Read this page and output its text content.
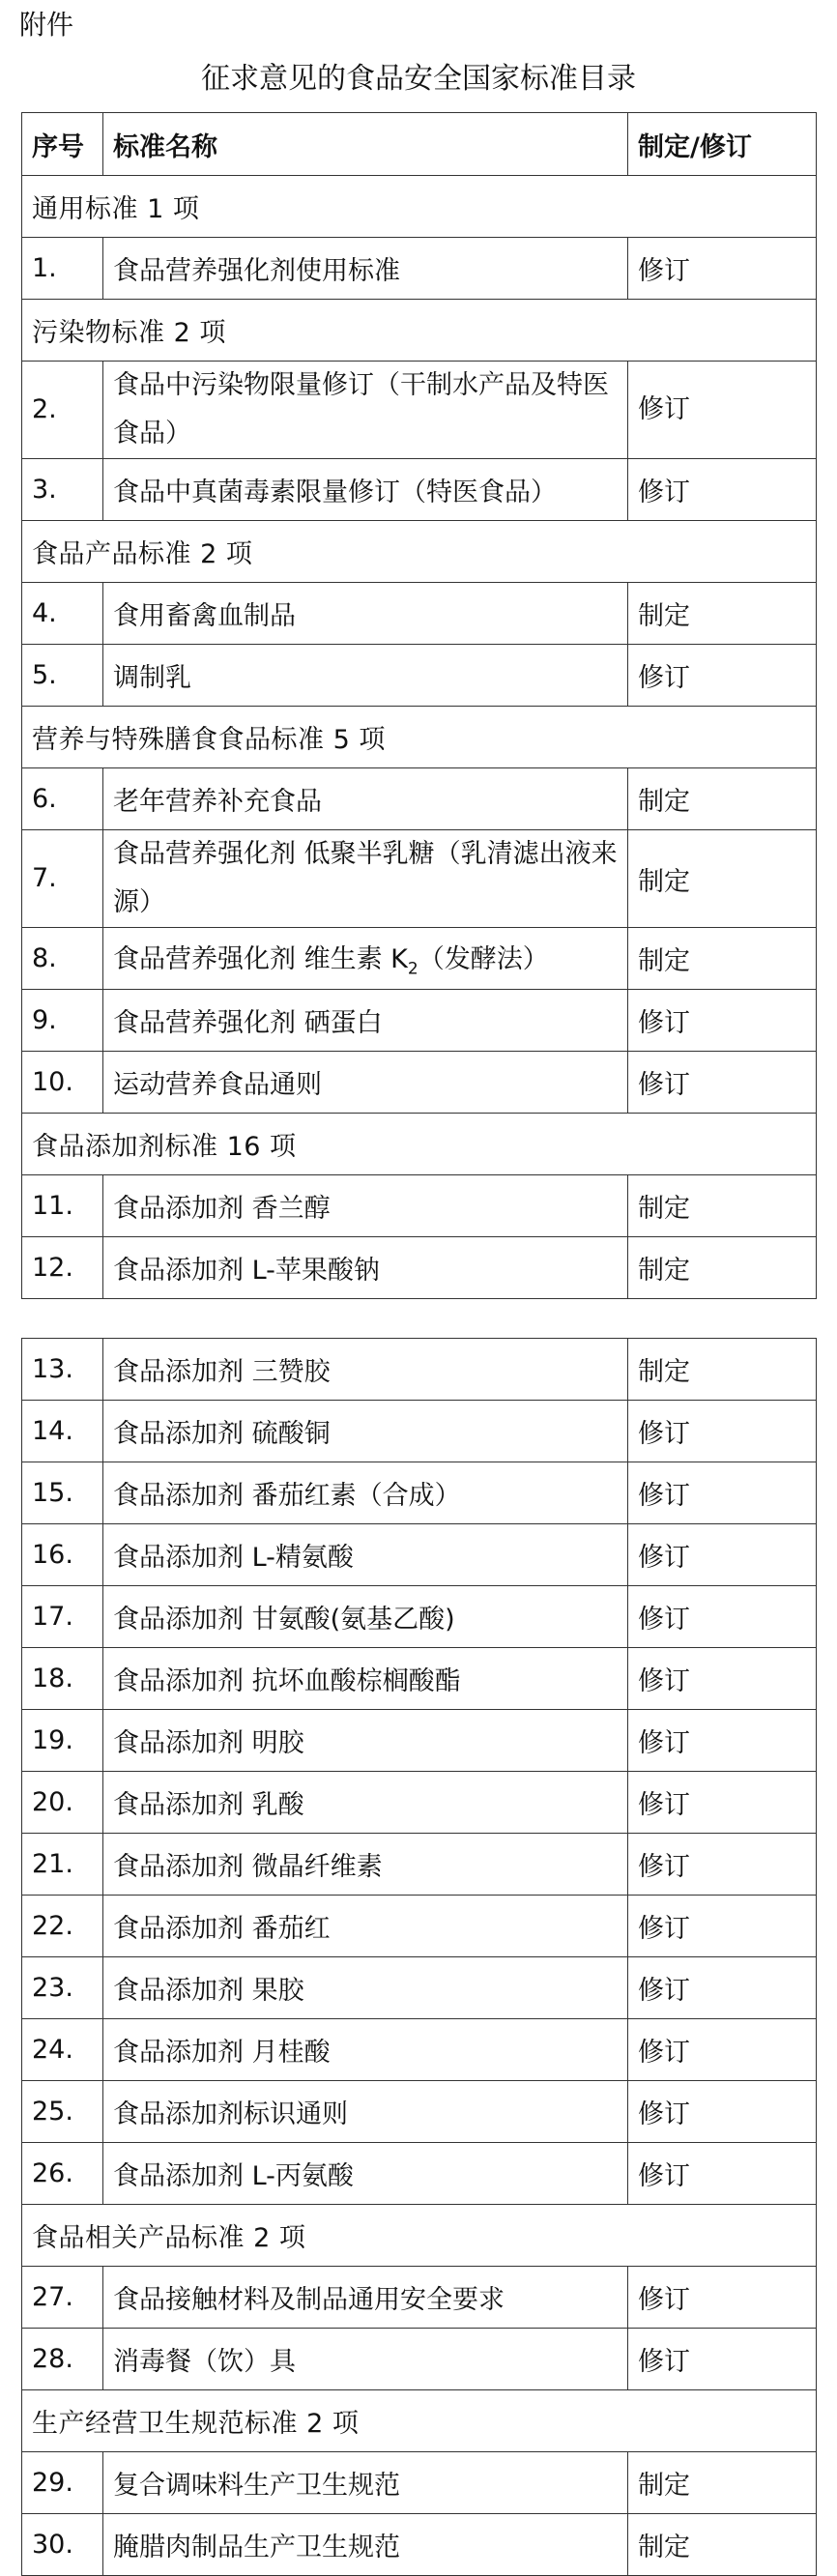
附件
征求意见的食品安全国家标准目录
序号	标准名称	制定/修订
通用标准 1 项		
1.	食品营养强化剂使用标准	修订
污染物标准 2 项		
2.	食品中污染物限量修订（干制水产品及特医食品）	修订
3.	食品中真菌毒素限量修订（特医食品）	修订
食品产品标准 2 项		
4.	食用畜禽血制品	制定
5.	调制乳	修订
营养与特殊膳食食品标准 5 项		
6.	老年营养补充食品	制定
7.	食品营养强化剂 低聚半乳糖（乳清滤出液来源）	制定
8.	食品营养强化剂 维生素 $K_2$（发酵法）	制定
9.	食品营养强化剂 硒蛋白	修订
10.	运动营养食品通则	修订
食品添加剂标准 16 项		
11.	食品添加剂 香兰醇	制定
12.	食品添加剂 L-苹果酸钠	制定
13.	食品添加剂 三赞胶	制定
14.	食品添加剂 硫酸铜	修订
15.	食品添加剂 番茄红素（合成）	修订
16.	食品添加剂 L-精氨酸	修订
17.	食品添加剂 甘氨酸(氨基乙酸)	修订
18.	食品添加剂 抗坏血酸棕榈酸酯	修订
19.	食品添加剂 明胶	修订
20.	食品添加剂 乳酸	修订
21.	食品添加剂 微晶纤维素	修订
22.	食品添加剂 番茄红	修订
23.	食品添加剂 果胶	修订
24.	食品添加剂 月桂酸	修订
25.	食品添加剂标识通则	修订
26.	食品添加剂 L-丙氨酸	修订
食品相关产品标准 2 项		
27.	食品接触材料及制品通用安全要求	修订
28.	消毒餐（饮）具	修订
生产经营卫生规范标准 2 项		
29.	复合调味料生产卫生规范	制定
30.	腌腊肉制品生产卫生规范	制定
